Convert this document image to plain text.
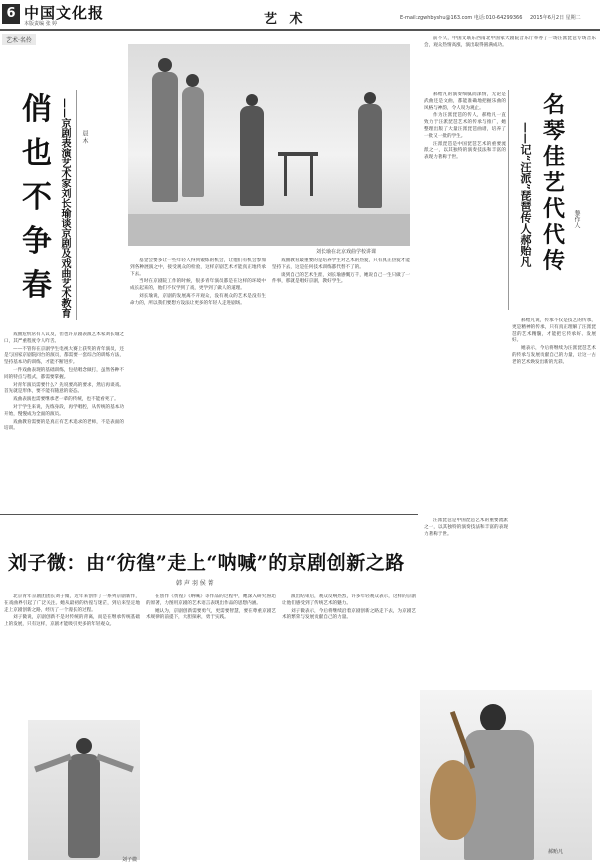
6 中国文化报
本版责编 张 婷	艺 术	E-mail:zgwhbyshu@163.com 电话:010-64299366 2015年6月2日 星期二
艺术·名伶
俏也不争春 ——京剧表演艺术家刘长瑜谈京剧及戏曲艺术教育 晨 木

戏曲危机常有人议及，但也许京剧表演艺术家刘长瑜之口，其严重程度令人咋舌。

——不管你在京剧学生电视大赛上获奖的青年演员，还是与国家京剧院同台的演员，都需要一套综合的训练方法，坚持基本功的训练，才能不断进步。

一件戏曲表现的基础训练，包括唱念做打，虽然各种不同的特点与程式，都需要掌握。

对青年演员需要什么？先说要高的要求，然后再谈戏。首先就是形体，要不能有随意的姿态。

戏曲表演也需要继承老一辈的传统，也不能看死了。

对于学生来说，先练身段，再学唱腔，从传统的基本功开始，慢慢成为全面的演员。

戏曲教育需要的是真正有艺术追求的老师，不是表面的培训。

刘长瑜在北京戏曲学校讲课

基金会要多让一些年轻人得到锻炼的机会，让他们有机会参加到各种展演之中，接受观众的检验，这样京剧艺术才能真正地传承下去。

当时在京剧院工作的时候，很多青年演员都是在这样的环境中成长起来的，他们不仅学到了戏，更学到了做人的道理。

刘长瑜说，京剧的发展离不开观众，没有观众的艺术是没有生命力的，所以我们要想方设法让更多的年轻人走进剧场。

戏曲教育最重要的是培养学生对艺术的热爱，只有真正热爱才能坚持下去，这是任何技术训练都代替不了的。

谈到自己的艺术生涯，刘长瑜感慨万千，她说自己一生只做了一件事，那就是唱好京剧，教好学生。

前不久，中国文联东西南北中国家大剧院音乐厅举办了一场汪派琵琶专场音乐会，观众热情高涨，演出取得圆满成功。

名琴佳艺代代传
——记“汪派”琵琶传人郝贻凡	黎作人

郝贻凡的演奏细腻而深情，无论是武曲还是文曲，都能准确地把握乐曲的风格与神韵，令人叹为观止。

作为汪派琵琶的传人，郝贻凡一直致力于汪派琵琶艺术的传承与推广，她整理出版了大量汪派琵琶曲谱，培养了一批又一批的学生。

汪派琵琶是中国琵琶艺术的重要流派之一，以其独特的演奏技法和丰富的表现力著称于世。

郝贻凡说，传承不仅是技艺的传承，更是精神的传承，只有真正理解了汪派琵琶的艺术精髓，才能把它传承好、发展好。

她表示，今后将继续为汪派琵琶艺术的传承与发展贡献自己的力量，让这一古老的艺术焕发出新的光彩。

汪派琵琶是中国琵琶艺术的重要流派之一，以其独特的演奏技法和丰富的表现力著称于世。

刘子微：由“彷徨”走上“呐喊”的京剧创新之路
韩 声 羽 侯 菁

北京青年京剧团团长刘子微，近年来创作了一系列京剧新作，在戏曲界引起了广泛关注。她从最初的彷徨与迷茫，到后来坚定地走上京剧创新之路，经历了一个漫长的过程。

刘子微说，京剧创新不是对传统的背离，而是在继承传统基础上的发展，只有这样，京剧才能吸引更多的年轻观众。

在创作《彷徨》《呐喊》等作品的过程中，她深入研究鲁迅的原著，力图用京剧的艺术语言表现出作品的思想内涵。

她认为，京剧创新需要勇气，更需要智慧，要在尊重京剧艺术规律的前提下，大胆探索，勇于实践。

演出结束后，观众反响热烈，许多年轻观众表示，这样的京剧让他们感受到了传统艺术的魅力。

刘子微表示，今后将继续沿着京剧创新之路走下去，为京剧艺术的繁荣与发展贡献自己的力量。

刘子微
郝贻凡
